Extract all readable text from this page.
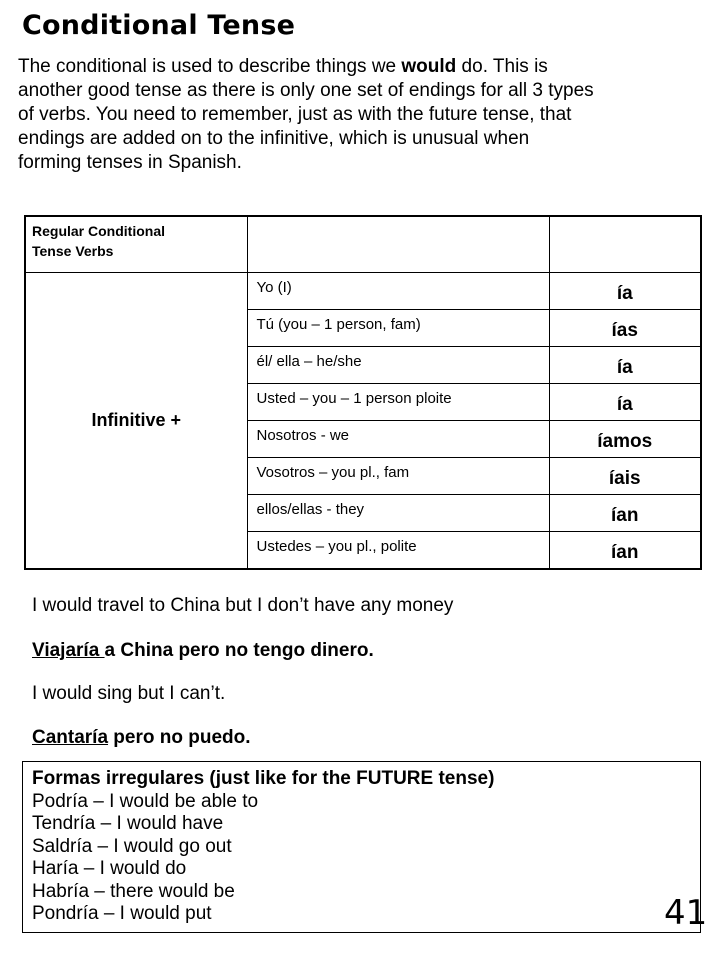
Conditional Tense
The conditional is used to describe things we would do. This is
another good tense as there is only one set of endings for all 3 types
of verbs. You need to remember, just as with the future tense, that
endings are added on to the infinitive, which is unusual when
forming tenses in Spanish.
Regular Conditional
Tense Verbs		

Infinitive +	Yo (I)	ía

	Tú (you – 1 person, fam)	ías

	él/ ella – he/she	ía

	Usted – you – 1 person ploite	ía

	Nosotros - we	íamos

	Vosotros – you pl., fam	íais

	ellos/ellas - they	ían

	Ustedes – you pl., polite	ían
I would travel to China but I don’t have any money
Viajaría a China pero no tengo dinero.
I would sing but I can’t.
Cantaría pero no puedo.
Formas irregulares (just like for the FUTURE tense)
Podría – I would be able to
Tendría – I would have
Saldría – I would go out
Haría – I would do
Habría – there would be
Pondría – I would put	41
